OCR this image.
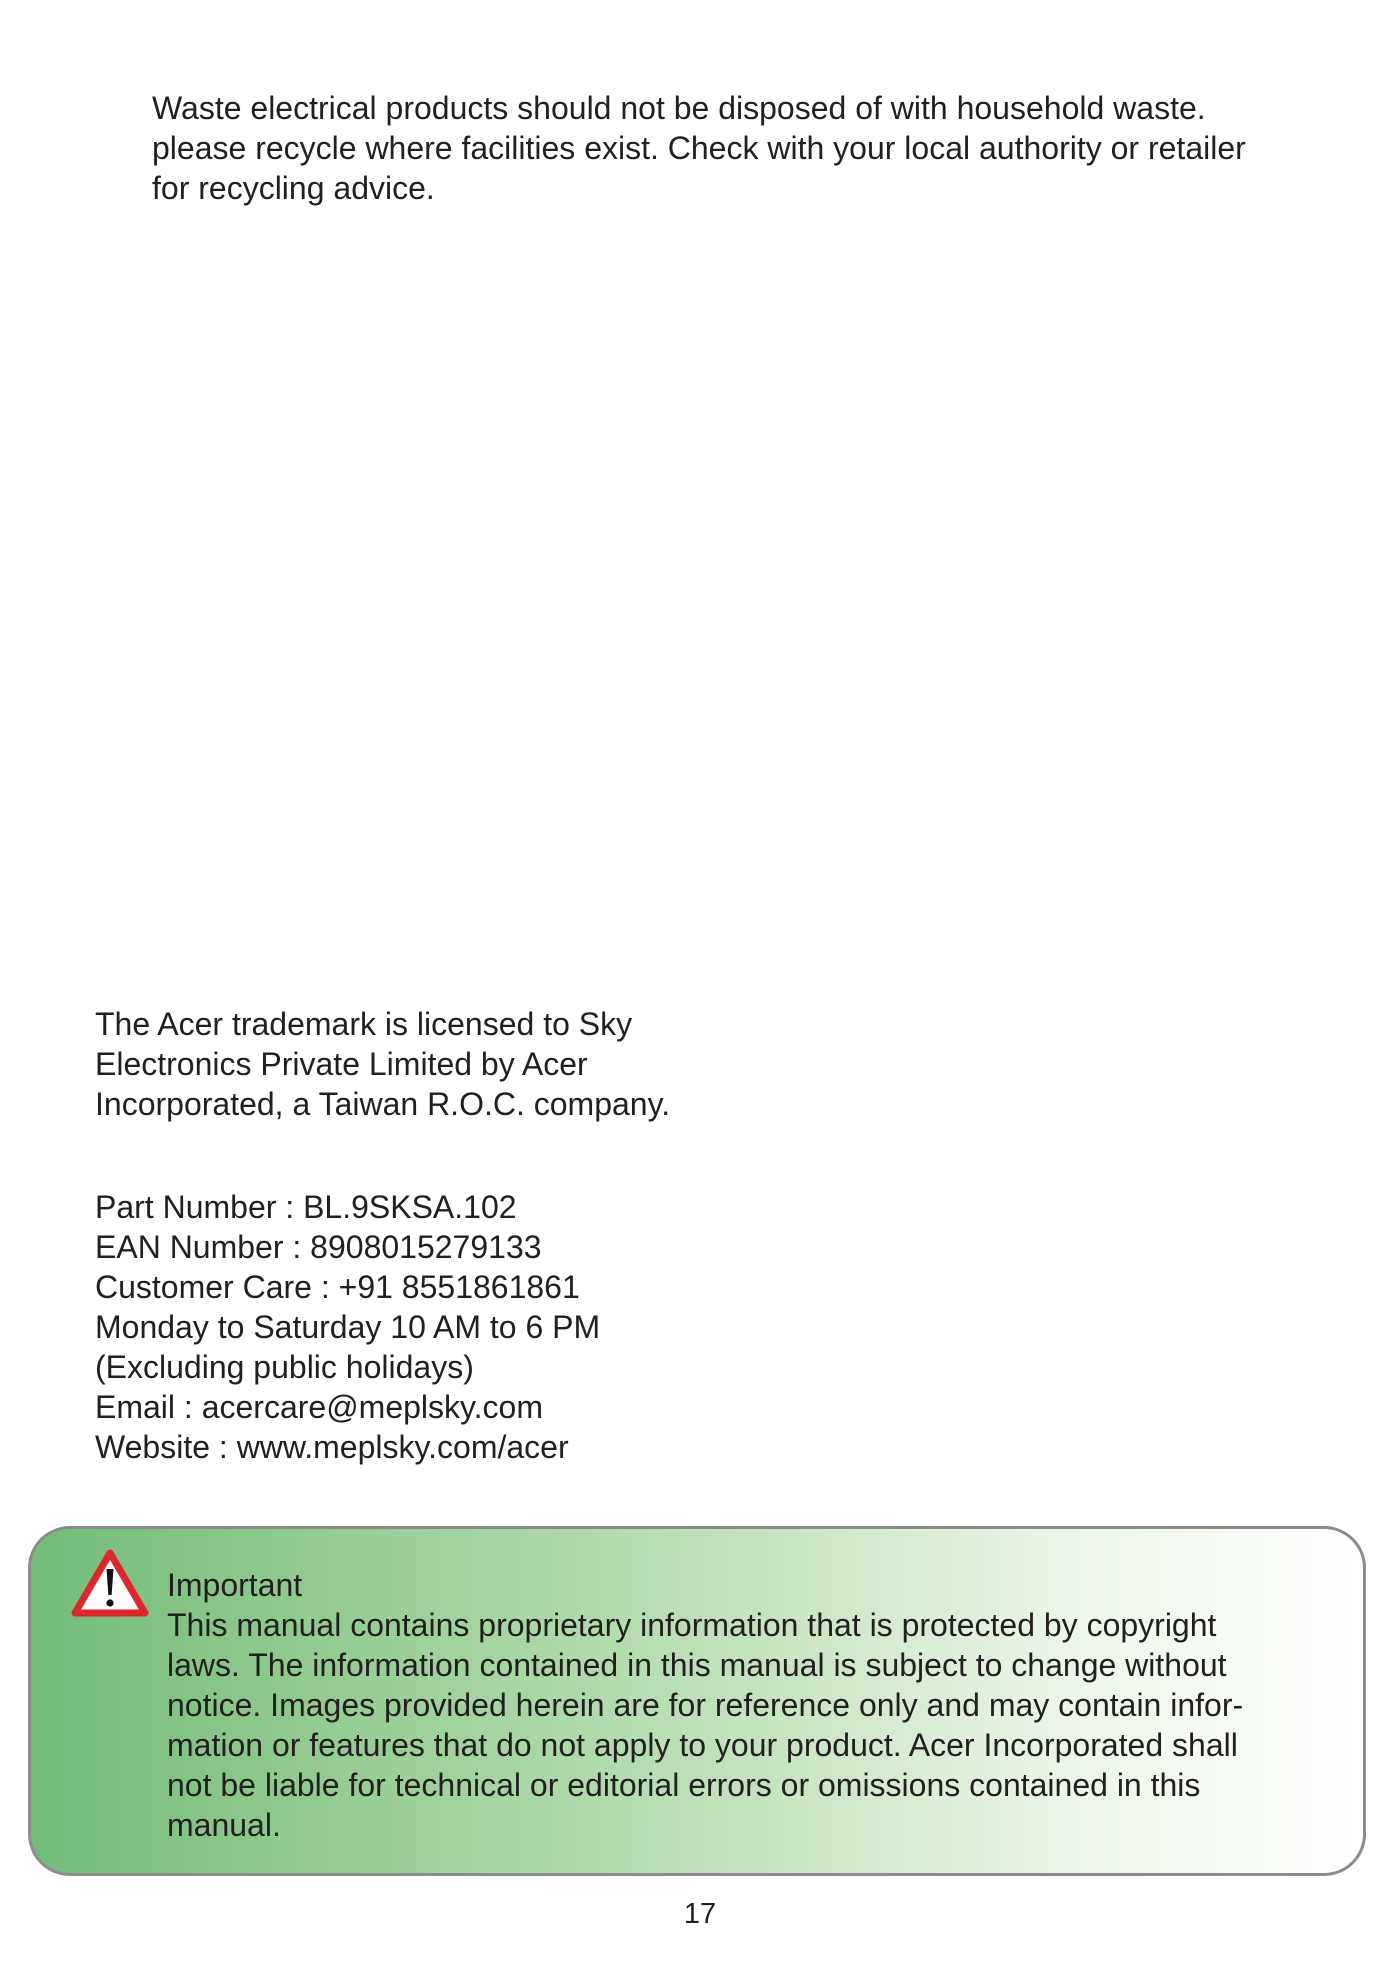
Waste electrical products should not be disposed of with household waste.
please recycle where facilities exist. Check with your local authority or retailer
for recycling advice.
The Acer trademark is licensed to Sky
Electronics Private Limited by Acer
Incorporated, a Taiwan R.O.C. company.
Part Number : BL.9SKSA.102
EAN Number : 8908015279133
Customer Care : +91 8551861861
Monday to Saturday 10 AM to 6 PM
(Excluding public holidays)
Email : acercare@meplsky.com
Website : www.meplsky.com/acer
Important
This manual contains proprietary information that is protected by copyright
laws. The information contained in this manual is subject to change without
notice. Images provided herein are for reference only and may contain infor-
mation or features that do not apply to your product. Acer Incorporated shall
not be liable for technical or editorial errors or omissions contained in this
manual.
17
